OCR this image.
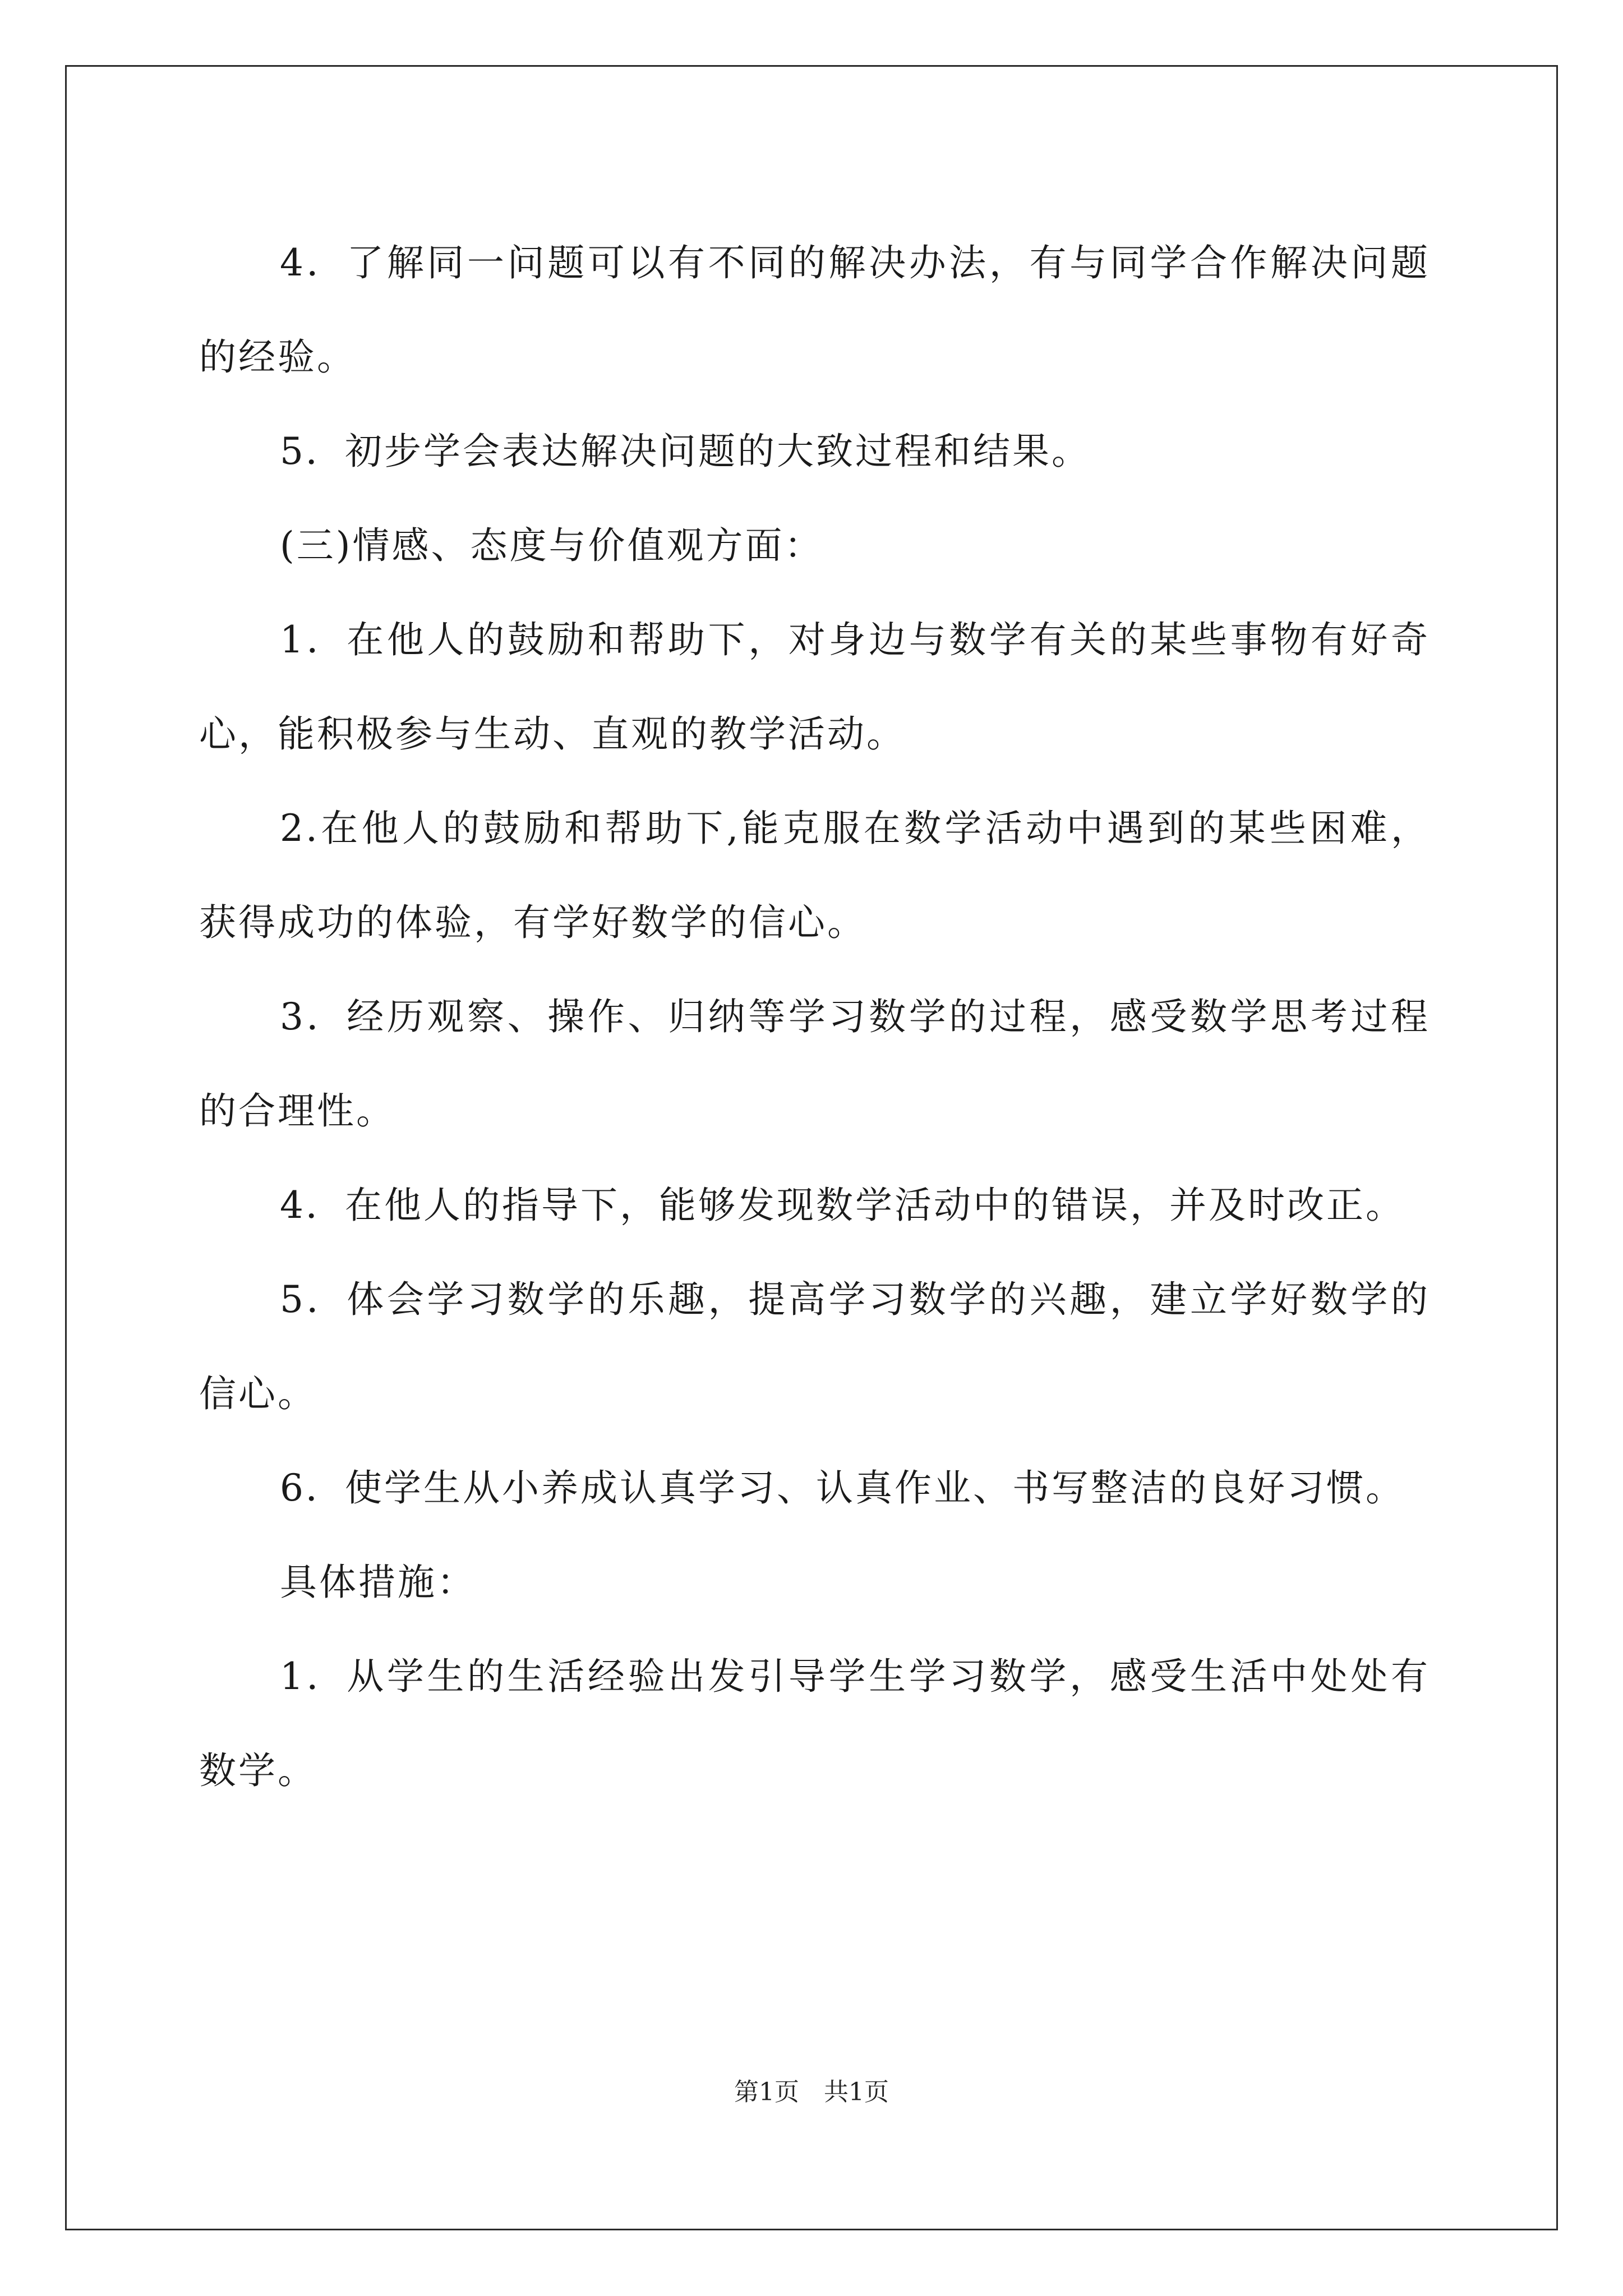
4．了解同一问题可以有不同的解决办法，有与同学合作解决问题的经验。

5．初步学会表达解决问题的大致过程和结果。

(三)情感、态度与价值观方面：

1．在他人的鼓励和帮助下，对身边与数学有关的某些事物有好奇心，能积极参与生动、直观的教学活动。

2.在他人的鼓励和帮助下,能克服在数学活动中遇到的某些困难，获得成功的体验，有学好数学的信心。

3．经历观察、操作、归纳等学习数学的过程，感受数学思考过程的合理性。

4．在他人的指导下，能够发现数学活动中的错误，并及时改正。

5．体会学习数学的乐趣，提高学习数学的兴趣，建立学好数学的信心。

6．使学生从小养成认真学习、认真作业、书写整洁的良好习惯。

具体措施：

1．从学生的生活经验出发引导学生学习数学，感受生活中处处有数学。

第1页　共1页
